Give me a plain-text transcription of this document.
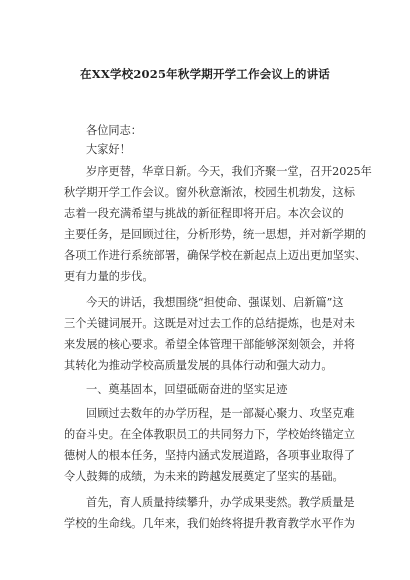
在XX学校2025年秋学期开学工作会议上的讲话
各位同志：
大家好！
岁序更替，华章日新。今天，我们齐聚一堂，召开2025年
秋学期开学工作会议。窗外秋意渐浓，校园生机勃发，这标
志着一段充满希望与挑战的新征程即将开启。本次会议的
主要任务，是回顾过往，分析形势，统一思想，并对新学期的
各项工作进行系统部署，确保学校在新起点上迈出更加坚实、
更有力量的步伐。
今天的讲话，我想围绕“担使命、强谋划、启新篇”这
三个关键词展开。这既是对过去工作的总结提炼，也是对未
来发展的核心要求。希望全体管理干部能够深刻领会，并将
其转化为推动学校高质量发展的具体行动和强大动力。
一、奠基固本，回望砥砺奋进的坚实足迹
回顾过去数年的办学历程，是一部凝心聚力、攻坚克难
的奋斗史。在全体教职员工的共同努力下，学校始终锚定立
德树人的根本任务，坚持内涵式发展道路，各项事业取得了
令人鼓舞的成绩，为未来的跨越发展奠定了坚实的基础。
首先，育人质量持续攀升，办学成果斐然。教学质量是
学校的生命线。几年来，我们始终将提升教育教学水平作为
